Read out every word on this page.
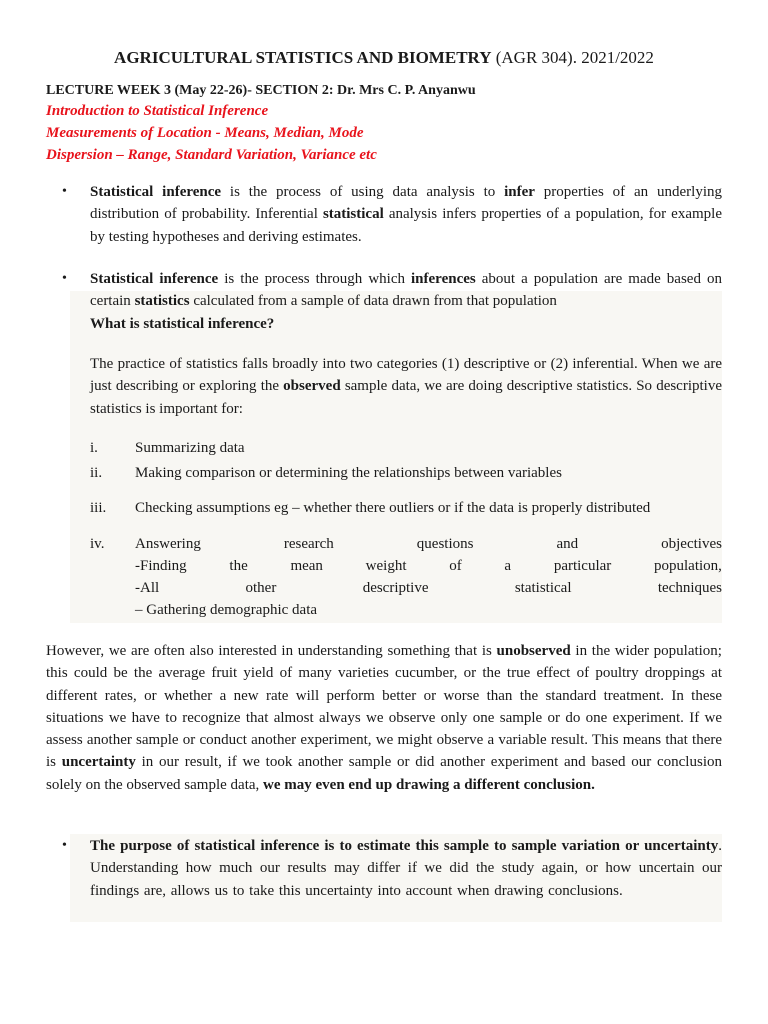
AGRICULTURAL STATISTICS AND BIOMETRY (AGR 304). 2021/2022
LECTURE WEEK 3 (May 22-26)- SECTION 2: Dr. Mrs C. P. Anyanwu
Introduction to Statistical Inference
Measurements of Location - Means, Median, Mode
Dispersion – Range, Standard Variation, Variance etc
• Statistical inference is the process of using data analysis to infer properties of an underlying distribution of probability. Inferential statistical analysis infers properties of a population, for example by testing hypotheses and deriving estimates.
• Statistical inference is the process through which inferences about a population are made based on certain statistics calculated from a sample of data drawn from that population
What is statistical inference?
The practice of statistics falls broadly into two categories (1) descriptive or (2) inferential. When we are just describing or exploring the observed sample data, we are doing descriptive statistics. So descriptive statistics is important for:
i. Summarizing data
ii. Making comparison or determining the relationships between variables
iii. Checking assumptions eg – whether there outliers or if the data is properly distributed
iv. Answering	research	questions	and	objectives
-Finding	the	mean	weight	of	a	particular	population,
-All	other	descriptive	statistical	techniques
– Gathering demographic data
However, we are often also interested in understanding something that is unobserved in the wider population; this could be the average fruit yield of many varieties cucumber, or the true effect of poultry droppings at different rates, or whether a new rate will perform better or worse than the standard treatment. In these situations we have to recognize that almost always we observe only one sample or do one experiment. If we assess another sample or conduct another experiment, we might observe a variable result. This means that there is uncertainty in our result, if we took another sample or did another experiment and based our conclusion solely on the observed sample data, we may even end up drawing a different conclusion.
• The purpose of statistical inference is to estimate this sample to sample variation or uncertainty. Understanding how much our results may differ if we did the study again, or how uncertain our findings are, allows us to take this uncertainty into account when drawing conclusions.
